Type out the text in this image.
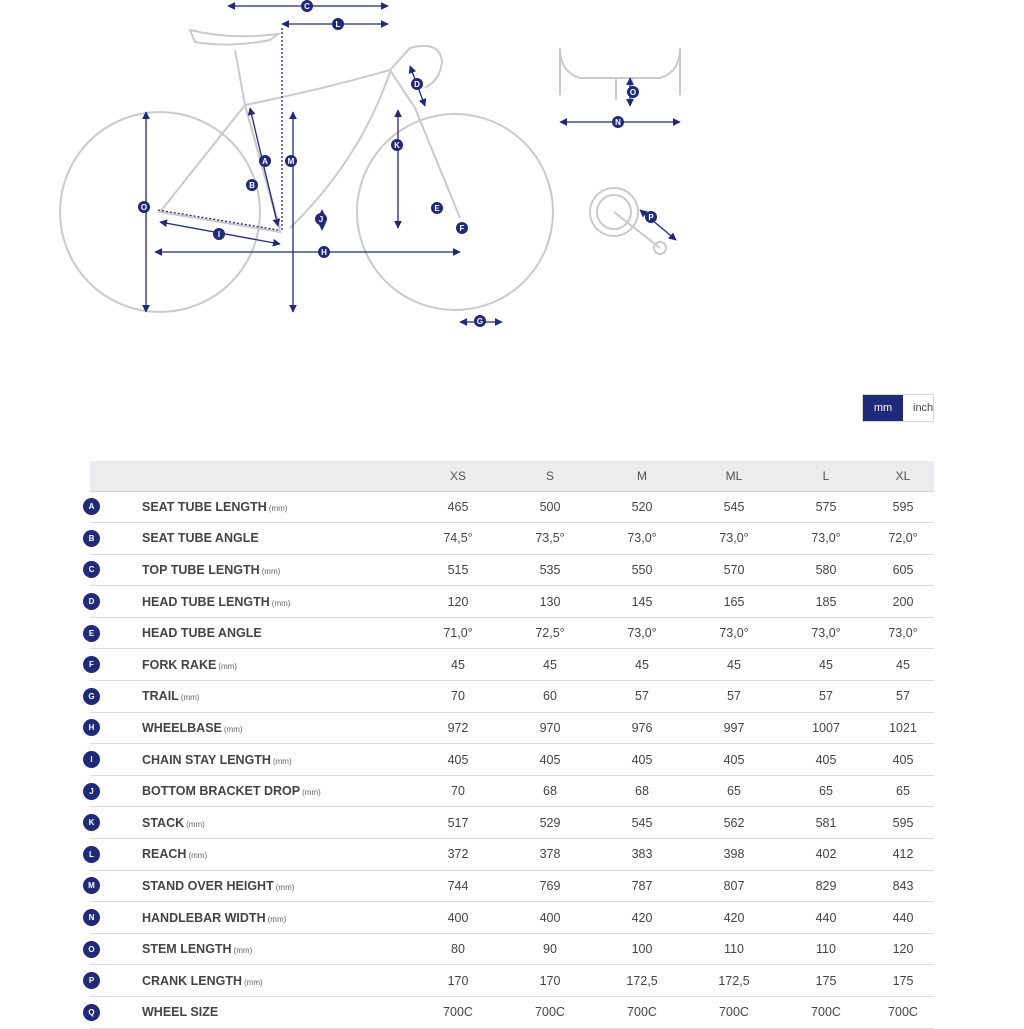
A
B
C
D
E
F
G
H
I
J
K
L
M
N
O
O
P
mm	inch
		XS	S	M	ML	L	XL
A	SEAT TUBE LENGTH (mm)	465	500	520	545	575	595
B	SEAT TUBE ANGLE	74,5°	73,5°	73,0°	73,0°	73,0°	72,0°
C	TOP TUBE LENGTH (mm)	515	535	550	570	580	605
D	HEAD TUBE LENGTH (mm)	120	130	145	165	185	200
E	HEAD TUBE ANGLE	71,0°	72,5°	73,0°	73,0°	73,0°	73,0°
F	FORK RAKE (mm)	45	45	45	45	45	45
G	TRAIL (mm)	70	60	57	57	57	57
H	WHEELBASE (mm)	972	970	976	997	1007	1021
I	CHAIN STAY LENGTH (mm)	405	405	405	405	405	405
J	BOTTOM BRACKET DROP (mm)	70	68	68	65	65	65
K	STACK (mm)	517	529	545	562	581	595
L	REACH (mm)	372	378	383	398	402	412
M	STAND OVER HEIGHT (mm)	744	769	787	807	829	843
N	HANDLEBAR WIDTH (mm)	400	400	420	420	440	440
O	STEM LENGTH (mm)	80	90	100	110	110	120
P	CRANK LENGTH (mm)	170	170	172,5	172,5	175	175
Q	WHEEL SIZE	700C	700C	700C	700C	700C	700C
